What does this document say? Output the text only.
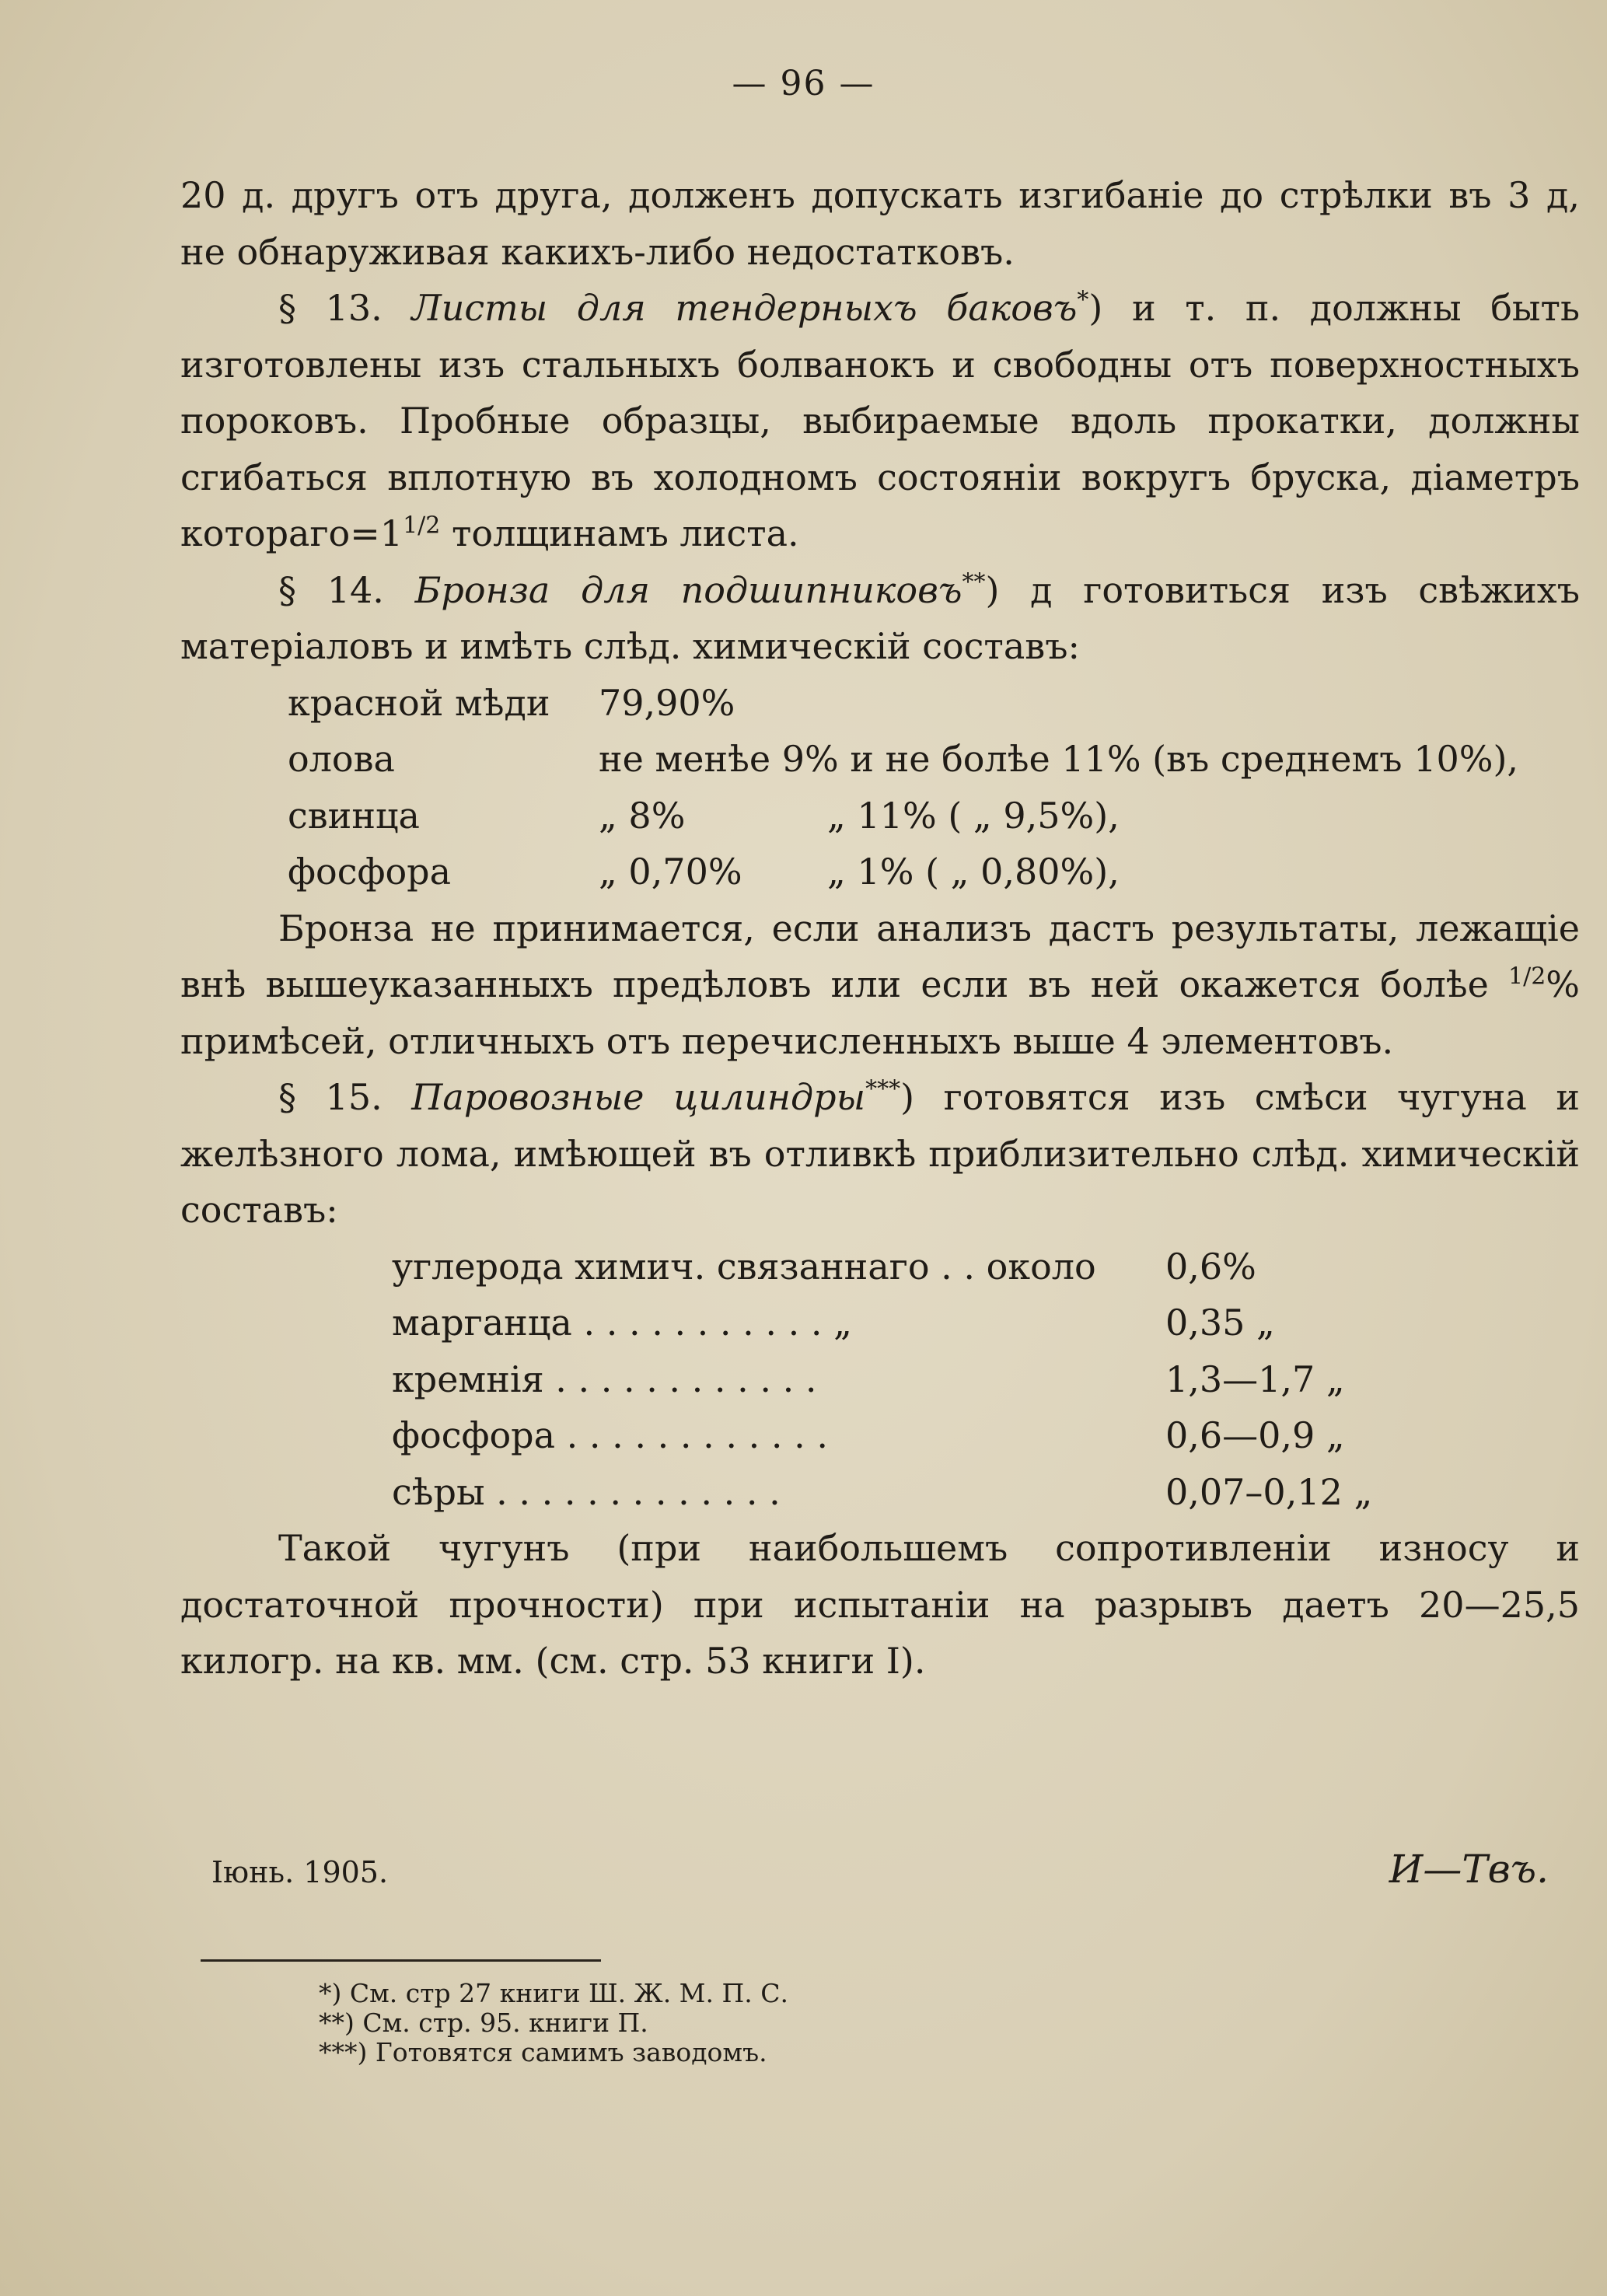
— 96 —

20 д. другъ отъ друга, долженъ допускать изгибаніе до стрѣлки въ 3 д, не обнаруживая какихъ-либо недостатковъ.

§ 13. Листы для тендерныхъ баковъ*) и т. п. должны быть изготовлены изъ стальныхъ болванокъ и свободны отъ поверхностныхъ пороковъ. Пробные образцы, выбираемые вдоль прокатки, должны сгибаться вплотную въ холодномъ состояніи вокругъ бруска, діаметръ $котораго=1^{1/2}$ толщинамъ листа.

§ 14. Бронза для подшипниковъ**) д готовиться изъ свѣжихъ матеріаловъ и имѣть слѣд. химическій составъ:

красной мѣди	79,90%	
олова	не менѣе 9% и не болѣе 11% (въ среднемъ 10%),	
свинца	„ 8%	„ 11% ( „ 9,5%),
фосфора	„ 0,70%	„ 1% ( „ 0,80%),

Бронза не принимается, если анализъ дастъ результаты, лежащіе внѣ вышеуказанныхъ предѣловъ или если въ ней окажется болѣе $^{1/2}$% примѣсей, отличныхъ отъ перечисленныхъ выше 4 элементовъ.

§ 15. Паровозные цилиндры***) готовятся изъ смѣси чугуна и желѣзного лома, имѣющей въ отливкѣ приблизительно слѣд. химическій составъ:

углерода химич. связаннаго . . около	0,6%
марганца . . . . . . . . . . . „	0,35 „
кремнія . . . . . . . . . . . .	1,3—1,7 „
фосфора . . . . . . . . . . . .	0,6—0,9 „
сѣры . . . . . . . . . . . . .	0,07–0,12 „

Такой чугунъ (при наибольшемъ сопротивленіи износу и достаточной прочности) при испытаніи на разрывъ даетъ 20—25,5 килогр. на кв. мм. (см. стр. 53 книги I).

Іюнь. 1905.	И—Твъ.
*) См. стр 27 книги Ш. Ж. М. П. С.
**) См. стр. 95. книги П.
***) Готовятся самимъ заводомъ.
